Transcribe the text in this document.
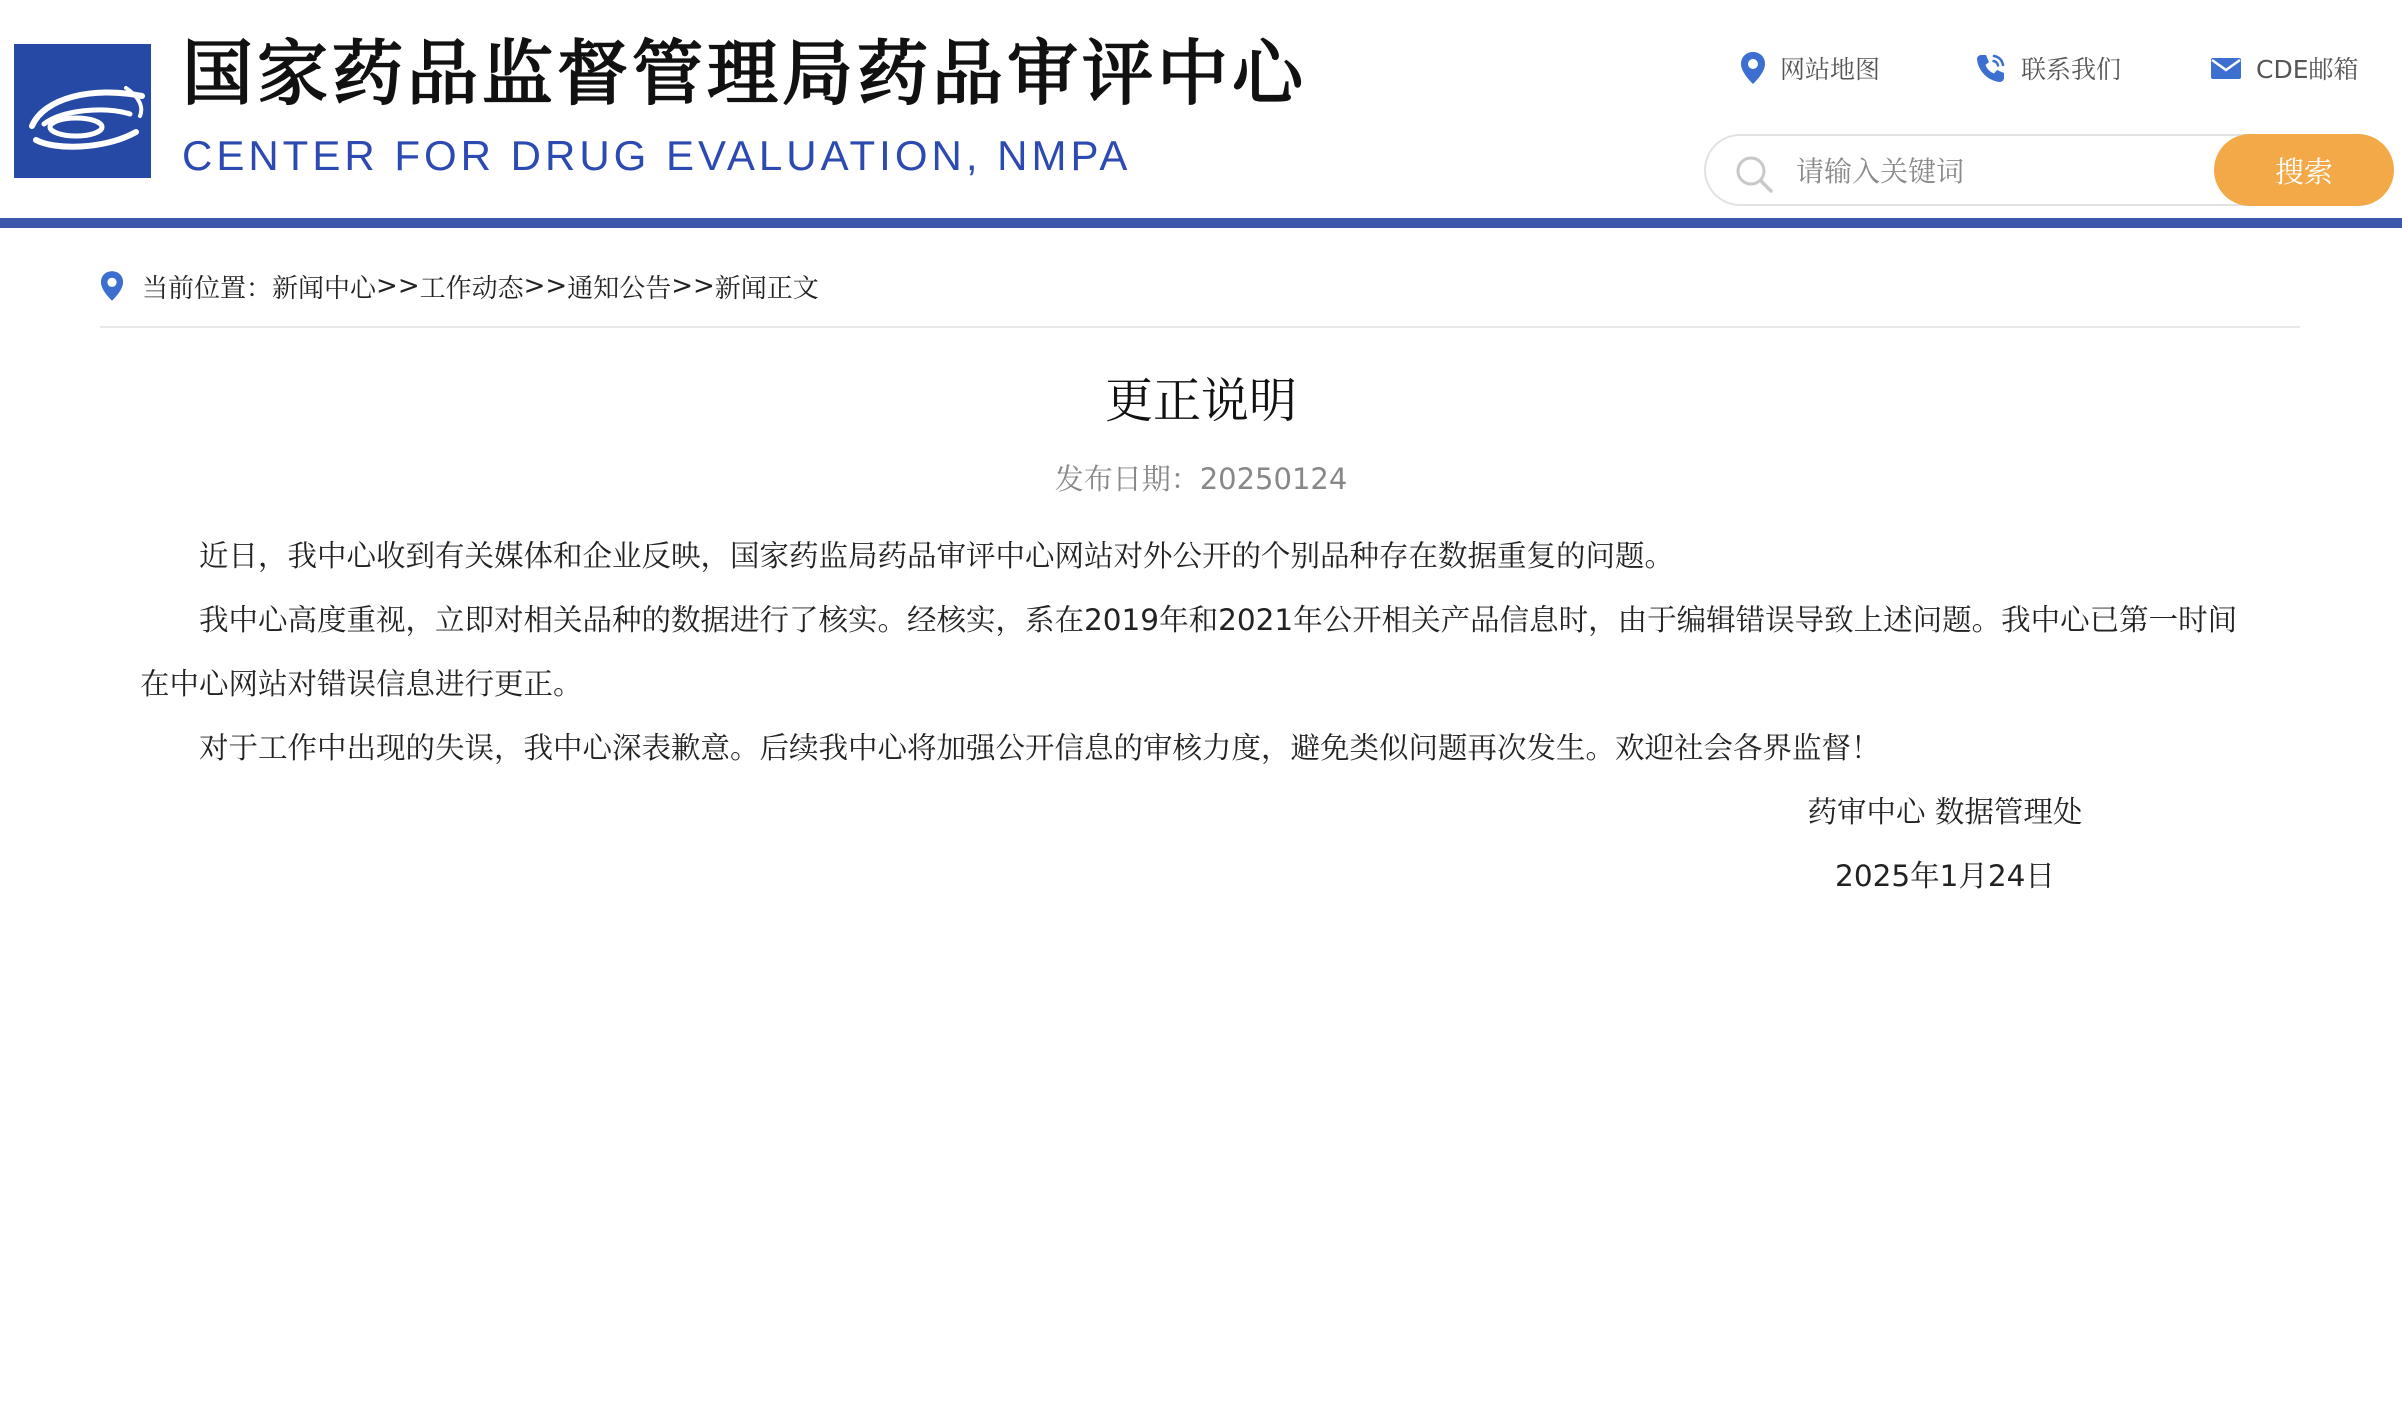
国家药品监督管理局药品审评中心
CENTER FOR DRUG EVALUATION, NMPA
网站地图	联系我们	CDE邮箱
请输入关键词
搜索
当前位置： 新闻中心 >> 工作动态 >> 通知公告 >> 新闻正文
更正说明
发布日期：20250124

近日，我中心收到有关媒体和企业反映，国家药监局药品审评中心网站对外公开的个别品种存在数据重复的问题。

我中心高度重视，立即对相关品种的数据进行了核实。经核实，系在2019年和2021年公开相关产品信息时，由于编辑错误导致上述问题。我中心已第一时间在中心网站对错误信息进行更正。

对于工作中出现的失误，我中心深表歉意。后续我中心将加强公开信息的审核力度，避免类似问题再次发生。欢迎社会各界监督！

药审中心 数据管理处
2025年1月24日
